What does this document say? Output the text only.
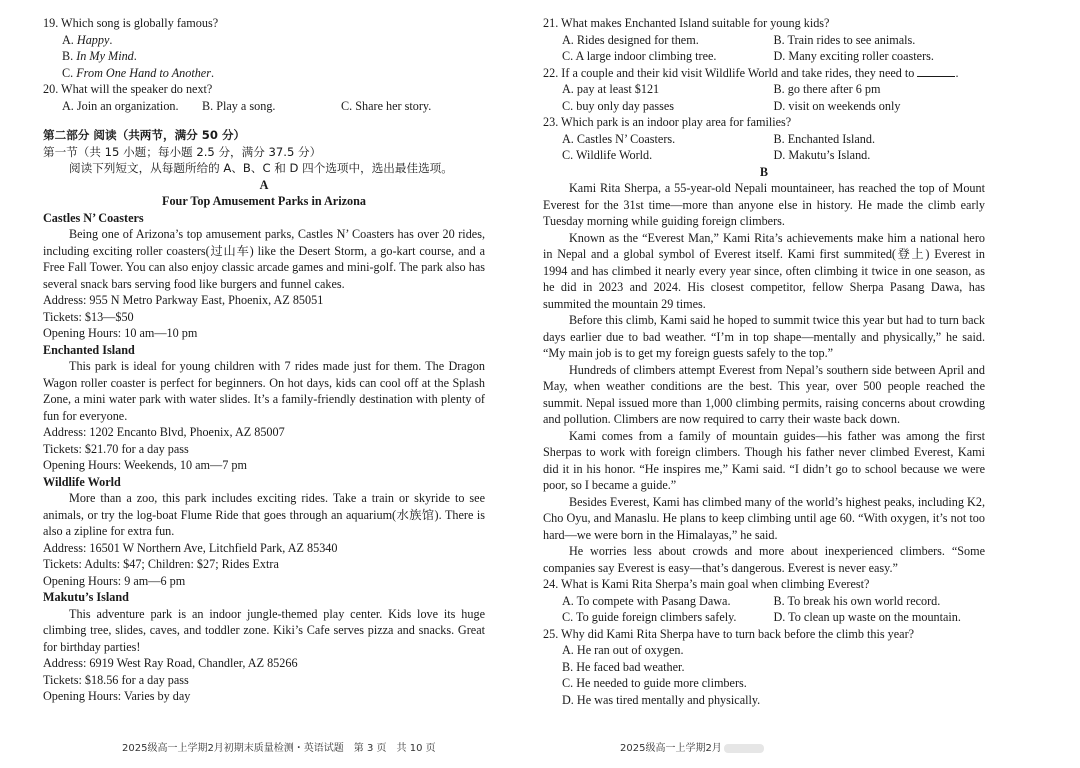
19. Which song is globally famous?

A. Happy.

B. In My Mind.

C. From One Hand to Another.

20. What will the speaker do next?

A. Join an organization. B. Play a song.	C. Share her story.

第二部分 阅读（共两节，满分 50 分）

第一节（共 15 小题；每小题 2.5 分，满分 37.5 分）

阅读下列短文，从每题所给的 A、B、C 和 D 四个选项中，选出最佳选项。

A

Four Top Amusement Parks in Arizona

Castles N’ Coasters

Being one of Arizona’s top amusement parks, Castles N’ Coasters has over 20 rides, including exciting roller coasters(过山车) like the Desert Storm, a go-kart course, and a Free Fall Tower. You can also enjoy classic arcade games and mini-golf. The park also has several snack bars serving food like burgers and funnel cakes.

Address: 955 N Metro Parkway East, Phoenix, AZ 85051

Tickets: $13—$50

Opening Hours: 10 am—10 pm

Enchanted Island

This park is ideal for young children with 7 rides made just for them. The Dragon Wagon roller coaster is perfect for beginners. On hot days, kids can cool off at the Splash Zone, a mini water park with water slides. It’s a family-friendly destination with plenty of fun for everyone.

Address: 1202 Encanto Blvd, Phoenix, AZ 85007

Tickets: $21.70 for a day pass

Opening Hours: Weekends, 10 am—7 pm

Wildlife World

More than a zoo, this park includes exciting rides. Take a train or skyride to see animals, or try the log-boat Flume Ride that goes through an aquarium(水族馆). There is also a zipline for extra fun.

Address: 16501 W Northern Ave, Litchfield Park, AZ 85340

Tickets: Adults: $47; Children: $27; Rides Extra

Opening Hours: 9 am—6 pm

Makutu’s Island

This adventure park is an indoor jungle-themed play center. Kids love its huge climbing tree, slides, caves, and toddler zone. Kiki’s Cafe serves pizza and snacks. Great for birthday parties!

Address: 6919 West Ray Road, Chandler, AZ 85266

Tickets: $18.56 for a day pass

Opening Hours: Varies by day

21. What makes Enchanted Island suitable for young kids?

A. Rides designed for them.	B. Train rides to see animals.

C. A large indoor climbing tree.	D. Many exciting roller coasters.

22. If a couple and their kid visit Wildlife World and take rides, they need to	.

A. pay at least $121	B. go there after 6 pm

C. buy only day passes	D. visit on weekends only

23. Which park is an indoor play area for families?

A. Castles N’ Coasters.	B. Enchanted Island.

C. Wildlife World.	D. Makutu’s Island.

B

Kami Rita Sherpa, a 55-year-old Nepali mountaineer, has reached the top of Mount Everest for the 31st time—more than anyone else in history. He made the climb early Tuesday morning while guiding foreign climbers.

Known as the “Everest Man,” Kami Rita’s achievements make him a national hero in Nepal and a global symbol of Everest itself. Kami first summited(登上) Everest in 1994 and has climbed it nearly every year since, often climbing it twice in one season, as he did in 2023 and 2024. His closest competitor, fellow Sherpa Pasang Dawa, has summited the mountain 29 times.

Before this climb, Kami said he hoped to summit twice this year but had to turn back days earlier due to bad weather. “I’m in top shape—mentally and physically,” he said. “My main job is to get my foreign guests safely to the top.”

Hundreds of climbers attempt Everest from Nepal’s southern side between April and May, when weather conditions are the best. This year, over 500 people reached the summit. Nepal issued more than 1,000 climbing permits, raising concerns about crowding and pollution. Climbers are now required to carry their waste back down.

Kami comes from a family of mountain guides—his father was among the first Sherpas to work with foreign climbers. Though his father never climbed Everest, Kami did it in his honor. “He inspires me,” Kami said. “I didn’t go to school because we were poor, so I became a guide.”

Besides Everest, Kami has climbed many of the world’s highest peaks, including K2, Cho Oyu, and Manaslu. He plans to keep climbing until age 60. “With oxygen, it’s not too hard—we were born in the Himalayas,” he said.

He worries less about crowds and more about inexperienced climbers. “Some companies say Everest is easy—that’s dangerous. Everest is never easy.”

24. What is Kami Rita Sherpa’s main goal when climbing Everest?

A. To compete with Pasang Dawa.	B. To break his own world record.

C. To guide foreign climbers safely.	D. To clean up waste on the mountain.

25. Why did Kami Rita Sherpa have to turn back before the climb this year?

A. He ran out of oxygen.

B. He faced bad weather.

C. He needed to guide more climbers.

D. He was tired mentally and physically.

2025级高一上学期2月初期末质量检测・英语试题　第 3 页　共 10 页	2025级高一上学期2月
